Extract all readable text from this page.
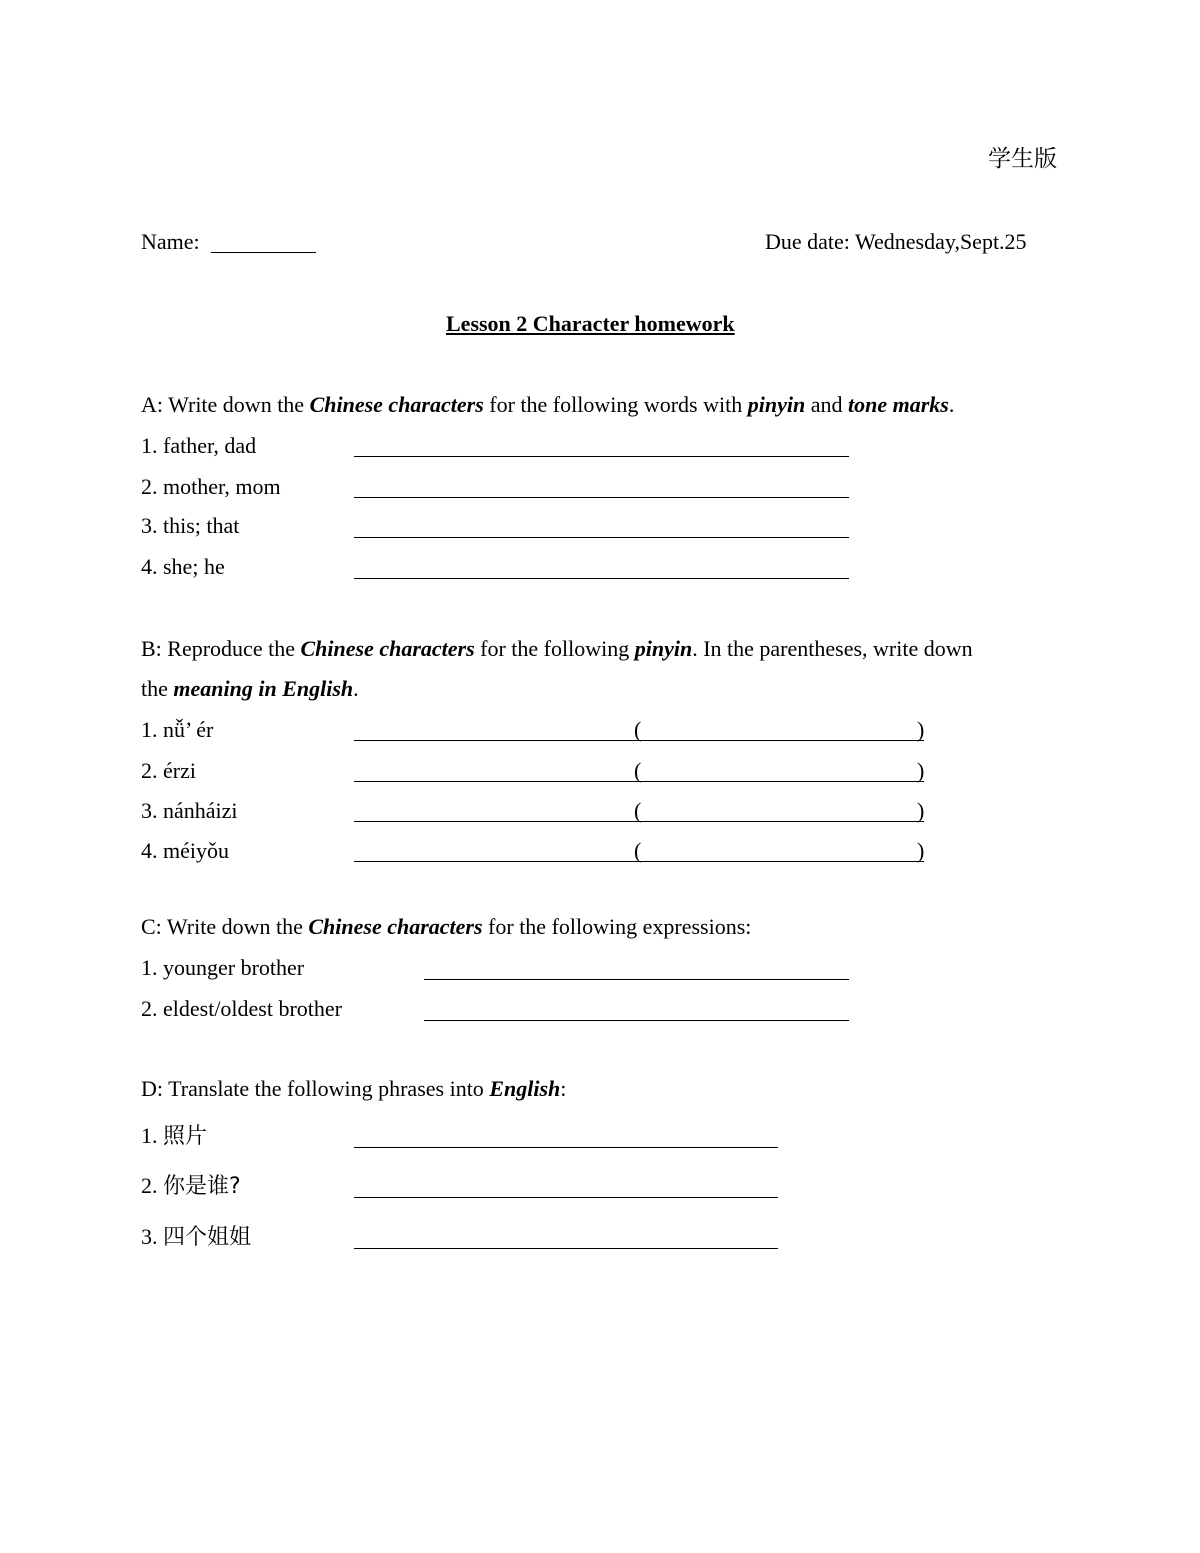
学生版
Name:	Due date: Wednesday,Sept.25
Lesson 2 Character homework
A: Write down the Chinese characters for the following words with pinyin and tone marks.
1. father, dad
2. mother, mom
3. this; that
4. she; he
B: Reproduce the Chinese characters for the following pinyin. In the parentheses, write down
the meaning in English.
1. nǚ’ ér	(	)
2. érzi	(	)
3. nánháizi	(	)
4. méiyǒu	(	)
C: Write down the Chinese characters for the following expressions:
1. younger brother
2. eldest/oldest brother
D: Translate the following phrases into English:
1. 照片
2. 你是谁?
3. 四个姐姐
